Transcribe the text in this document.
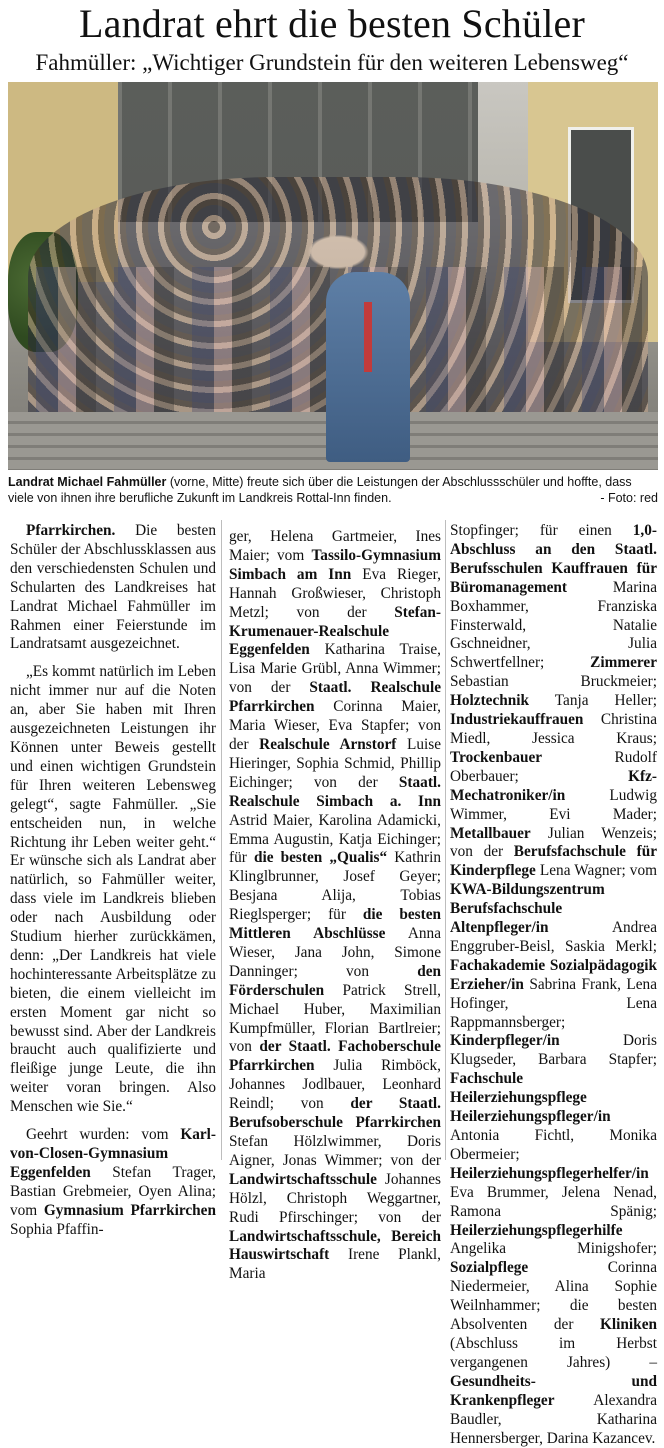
Landrat ehrt die besten Schüler
Fahmüller: „Wichtiger Grundstein für den weiteren Lebensweg“
Landrat Michael Fahmüller (vorne, Mitte) freute sich über die Leistungen der Abschlussschüler und hoffte, dass viele von ihnen ihre berufliche Zukunft im Landkreis Rottal-Inn finden.	- Foto: red

Pfarrkirchen. Die besten Schüler der Abschlussklassen aus den verschiedensten Schulen und Schularten des Landkreises hat Landrat Michael Fahmüller im Rahmen einer Feierstunde im Landratsamt ausgezeichnet.

„Es kommt natürlich im Leben nicht immer nur auf die Noten an, aber Sie haben mit Ihren ausgezeichneten Leistungen ihr Können unter Beweis gestellt und einen wichtigen Grundstein für Ihren weiteren Lebensweg gelegt“, sagte Fahmüller. „Sie entscheiden nun, in welche Richtung ihr Leben weiter geht.“ Er wünsche sich als Landrat aber natürlich, so Fahmüller weiter, dass viele im Landkreis blieben oder nach Ausbildung oder Studium hierher zurückkämen, denn: „Der Landkreis hat viele hochinteressante Arbeitsplätze zu bieten, die einem vielleicht im ersten Moment gar nicht so bewusst sind. Aber der Landkreis braucht auch qualifizierte und fleißige junge Leute, die ihn weiter voran bringen. Also Menschen wie Sie.“

Geehrt wurden: vom Karl-von-Closen-Gymnasium Eggenfelden Stefan Trager, Bastian Grebmeier, Oyen Alina; vom Gymnasium Pfarrkirchen Sophia Pfaffin-

ger, Helena Gartmeier, Ines Maier; vom Tassilo-Gymnasium Simbach am Inn Eva Rieger, Hannah Großwieser, Christoph Metzl; von der Stefan-Krumenauer-Realschule Eggenfelden Katharina Traise, Lisa Marie Grübl, Anna Wimmer; von der Staatl. Realschule Pfarrkirchen Corinna Maier, Maria Wieser, Eva Stapfer; von der Realschule Arnstorf Luise Hieringer, Sophia Schmid, Phillip Eichinger; von der Staatl. Realschule Simbach a. Inn Astrid Maier, Karolina Adamicki, Emma Augustin, Katja Eichinger; für die besten „Qualis“ Kathrin Klinglbrunner, Josef Geyer; Besjana Alija, Tobias Rieglsperger; für die besten Mittleren Abschlüsse Anna Wieser, Jana John, Simone Danninger; von den Förderschulen Patrick Strell, Michael Huber, Maximilian Kumpfmüller, Florian Bartlreier; von der Staatl. Fachoberschule Pfarrkirchen Julia Rimböck, Johannes Jodlbauer, Leonhard Reindl; von der Staatl. Berufsoberschule Pfarrkirchen Stefan Hölzlwimmer, Doris Aigner, Jonas Wimmer; von der Landwirtschaftsschule Johannes Hölzl, Christoph Weggartner, Rudi Pfirschinger; von der Landwirtschaftsschule, Bereich Hauswirtschaft Irene Plankl, Maria

Stopfinger; für einen 1,0-Abschluss an den Staatl. Berufsschulen Kauffrauen für Büromanagement Marina Boxhammer, Franziska Finsterwald, Natalie Gschneidner, Julia Schwertfellner; Zimmerer Sebastian Bruckmeier; Holztechnik Tanja Heller; Industriekauffrauen Christina Miedl, Jessica Kraus; Trockenbauer Rudolf Oberbauer; Kfz-Mechatroniker/in Ludwig Wimmer, Evi Mader; Metallbauer Julian Wenzeis; von der Berufsfachschule für Kinderpflege Lena Wagner; vom KWA-Bildungszentrum Berufsfachschule Altenpfleger/in Andrea Enggruber-Beisl, Saskia Merkl; Fachakademie Sozialpädagogik Erzieher/in Sabrina Frank, Lena Hofinger, Lena Rappmannsberger; Kinderpfleger/in Doris Klugseder, Barbara Stapfer; Fachschule Heilerziehungspflege Heilerziehungspfleger/in Antonia Fichtl, Monika Obermeier; Heilerziehungspflegerhelfer/in Eva Brummer, Jelena Nenad, Ramona Spänig; Heilerziehungspflegerhilfe Angelika Minigshofer; Sozialpflege Corinna Niedermeier, Alina Sophie Weilnhammer; die besten Absolventen der Kliniken (Abschluss im Herbst vergangenen Jahres) – Gesundheits- und Krankenpfleger Alexandra Baudler, Katharina Hennersberger, Darina Kazancev.
